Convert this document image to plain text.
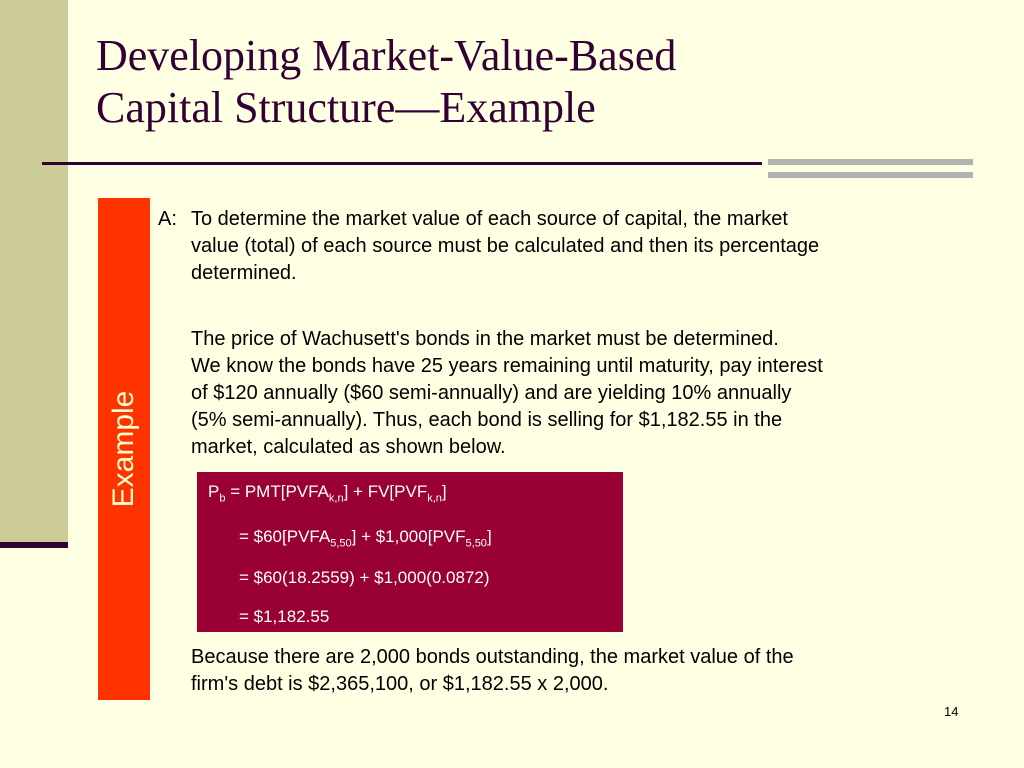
Developing Market-Value-Based
Capital Structure—Example
Example
A: To determine the market value of each source of capital, the market
value (total) of each source must be calculated and then its percentage
determined.
The price of Wachusett's bonds in the market must be determined.
We know the bonds have 25 years remaining until maturity, pay interest
of $120 annually ($60 semi-annually) and are yielding 10% annually
(5% semi-annually). Thus, each bond is selling for $1,182.55 in the
market, calculated as shown below.
$P_b$ = $PMT[PVFA_{k,n}] + FV[PVF_{k,n}]$
= $\$60[PVFA_{5,50}]$ + $\$1,000[PVF_{5,50}]$
= $60(18.2559) + $1,000(0.0872)
= $1,182.55
Because there are 2,000 bonds outstanding, the market value of the
firm's debt is $2,365,100, or $1,182.55 x 2,000.
14
